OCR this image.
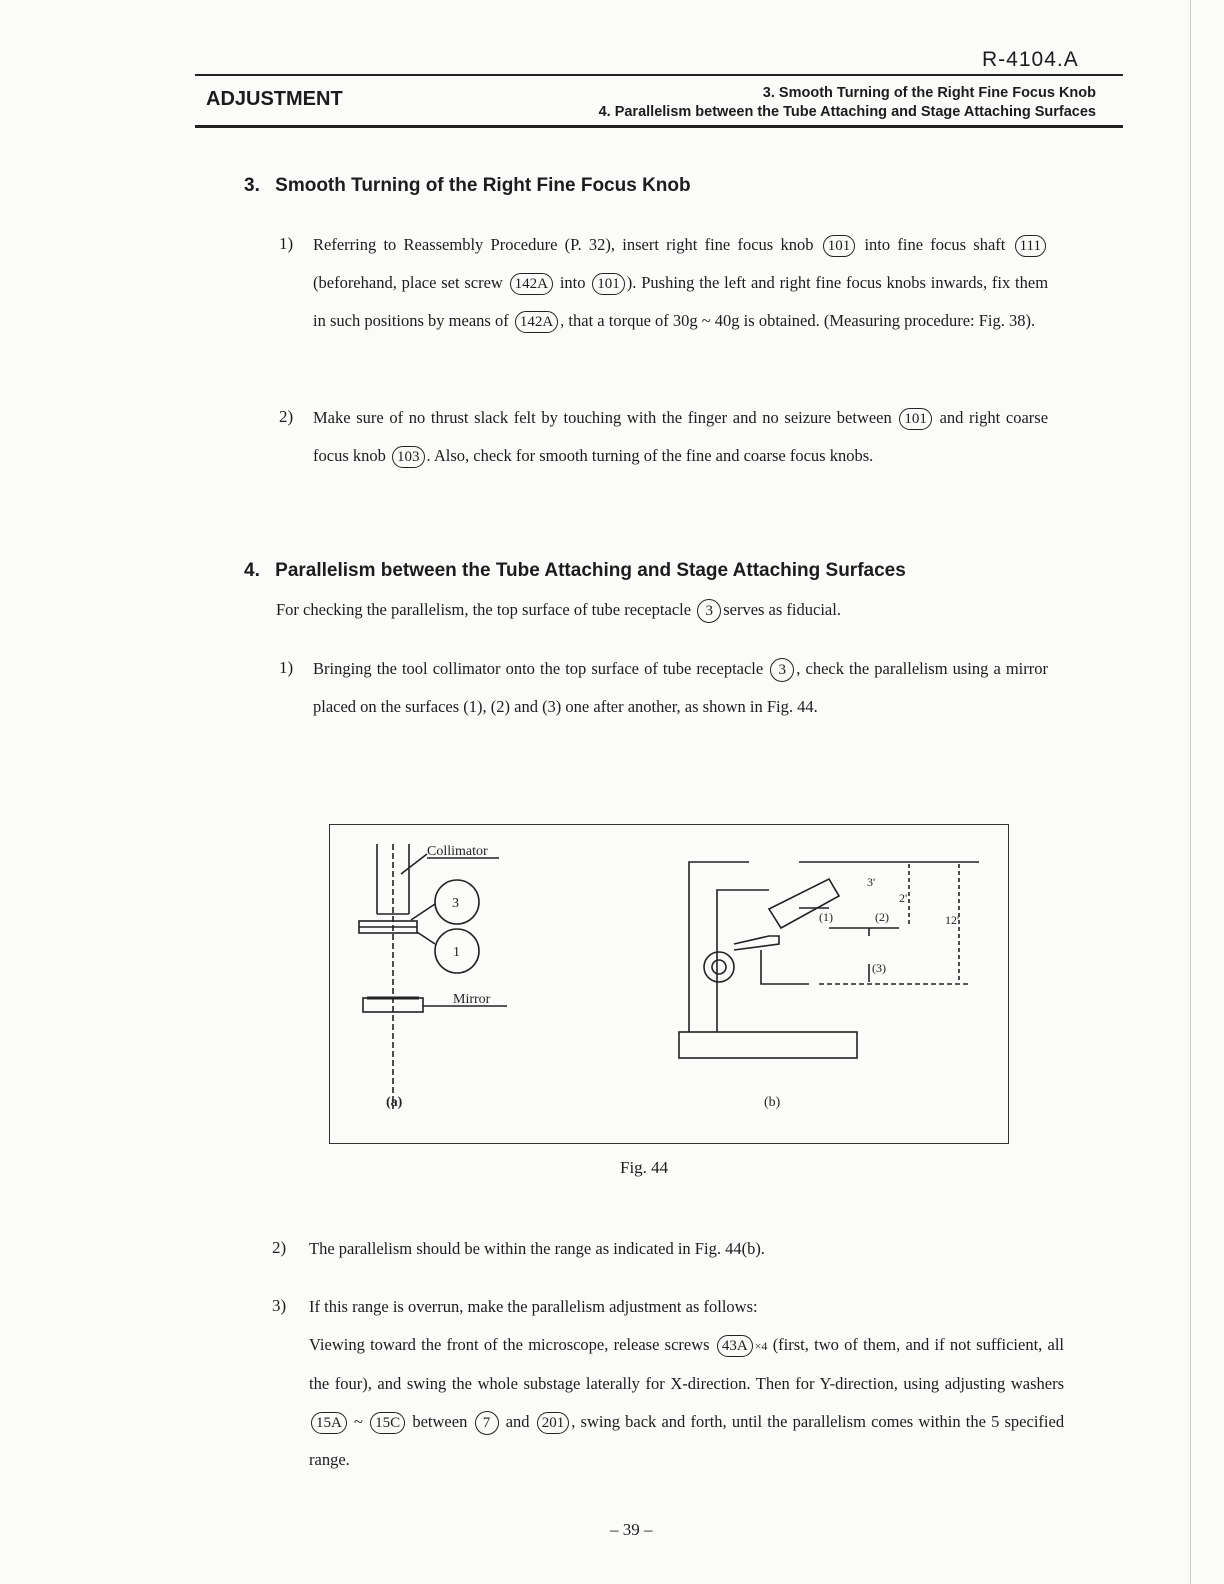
R-4104.A
ADJUSTMENT	3. Smooth Turning of the Right Fine Focus Knob
4. Parallelism between the Tube Attaching and Stage Attaching Surfaces
3. Smooth Turning of the Right Fine Focus Knob
1) Referring to Reassembly Procedure (P. 32), insert right fine focus knob 101 into fine focus shaft 111 (beforehand, place set screw 142A into 101 ). Pushing the left and right fine focus knobs inwards, fix them in such positions by means of 142A , that a torque of 30g ~ 40g is obtained. (Measuring procedure: Fig. 38).

2) Make sure of no thrust slack felt by touching with the finger and no seizure between 101 and right coarse focus knob 103 . Also, check for smooth turning of the fine and coarse focus knobs.

4. Parallelism between the Tube Attaching and Stage Attaching Surfaces

For checking the parallelism, the top surface of tube receptacle 3 serves as fiducial.

1) Bringing the tool collimator onto the top surface of tube receptacle 3 , check the parallelism using a mirror placed on the surfaces (1), (2) and (3) one after another, as shown in Fig. 44.

Collimator
3
1
Mirror
(a)	(b)
3'
2'
(1)	(2)	12'
(3)
Fig. 44
2) The parallelism should be within the range as indicated in Fig. 44(b).

3) If this range is overrun, make the parallelism adjustment as follows:

Viewing toward the front of the microscope, release screws 43A ×4 (first, two of them, and if not sufficient, all the four), and swing the whole substage laterally for X-direction. Then for Y-direction, using adjusting washers 15A ~ 15C between 7 and 201 , swing back and forth, until the parallelism comes within the 5 specified range.

– 39 –
